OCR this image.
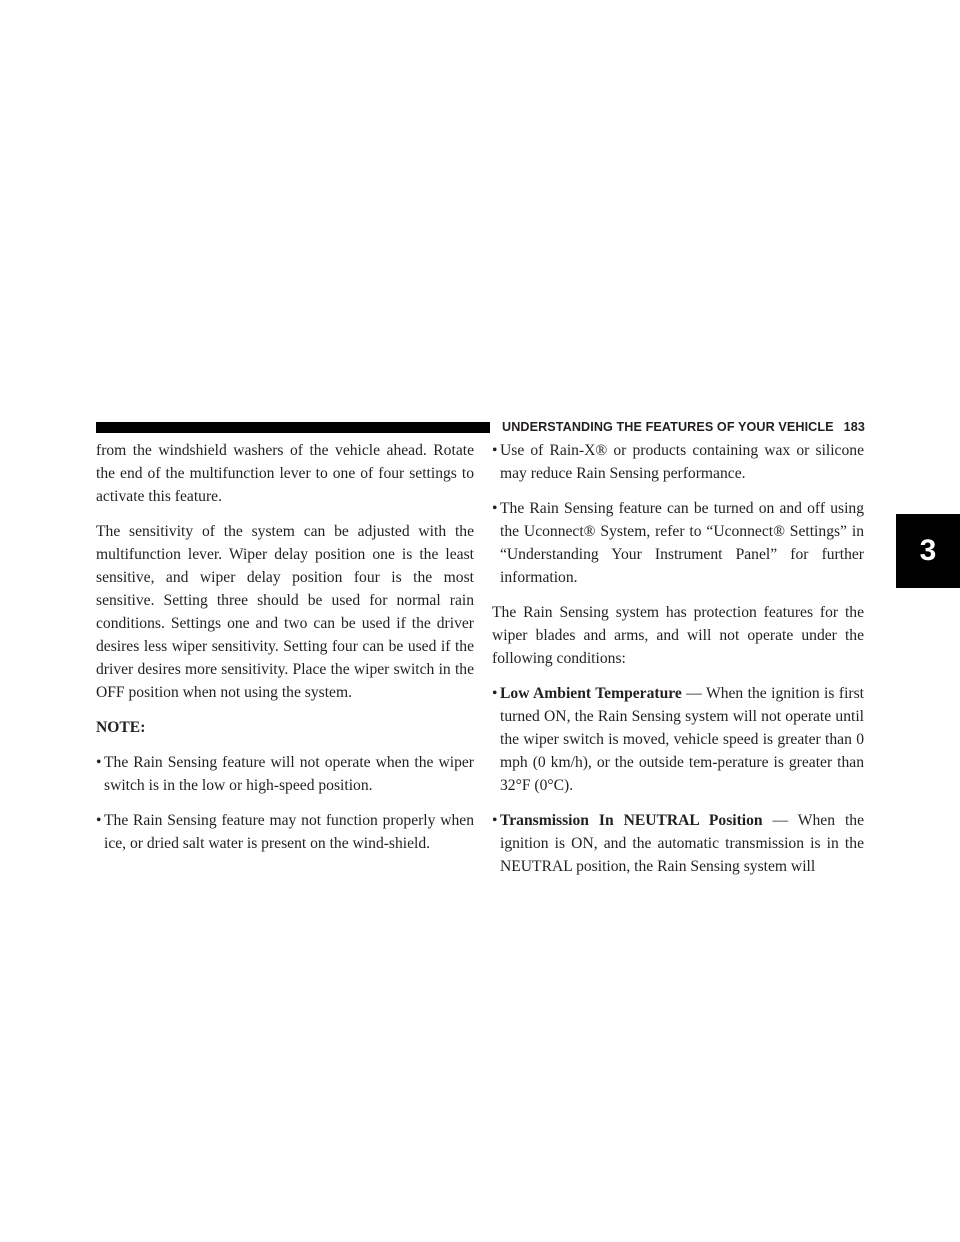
UNDERSTANDING THE FEATURES OF YOUR VEHICLE 183
3

from the windshield washers of the vehicle ahead. Rotate the end of the multifunction lever to one of four settings to activate this feature.

The sensitivity of the system can be adjusted with the multifunction lever. Wiper delay position one is the least sensitive, and wiper delay position four is the most sensitive. Setting three should be used for normal rain conditions. Settings one and two can be used if the driver desires less wiper sensitivity. Setting four can be used if the driver desires more sensitivity. Place the wiper switch in the OFF position when not using the system.

NOTE:
• The Rain Sensing feature will not operate when the wiper switch is in the low or high-speed position.
• The Rain Sensing feature may not function properly when ice, or dried salt water is present on the wind-shield.
• Use of Rain-X® or products containing wax or silicone may reduce Rain Sensing performance.
• The Rain Sensing feature can be turned on and off using the Uconnect® System, refer to “Uconnect® Settings” in “Understanding Your Instrument Panel” for further information.

The Rain Sensing system has protection features for the wiper blades and arms, and will not operate under the following conditions:

• Low Ambient Temperature — When the ignition is first turned ON, the Rain Sensing system will not operate until the wiper switch is moved, vehicle speed is greater than 0 mph (0 km/h), or the outside tem-perature is greater than 32°F (0°C).
• Transmission In NEUTRAL Position — When the ignition is ON, and the automatic transmission is in the NEUTRAL position, the Rain Sensing system will
